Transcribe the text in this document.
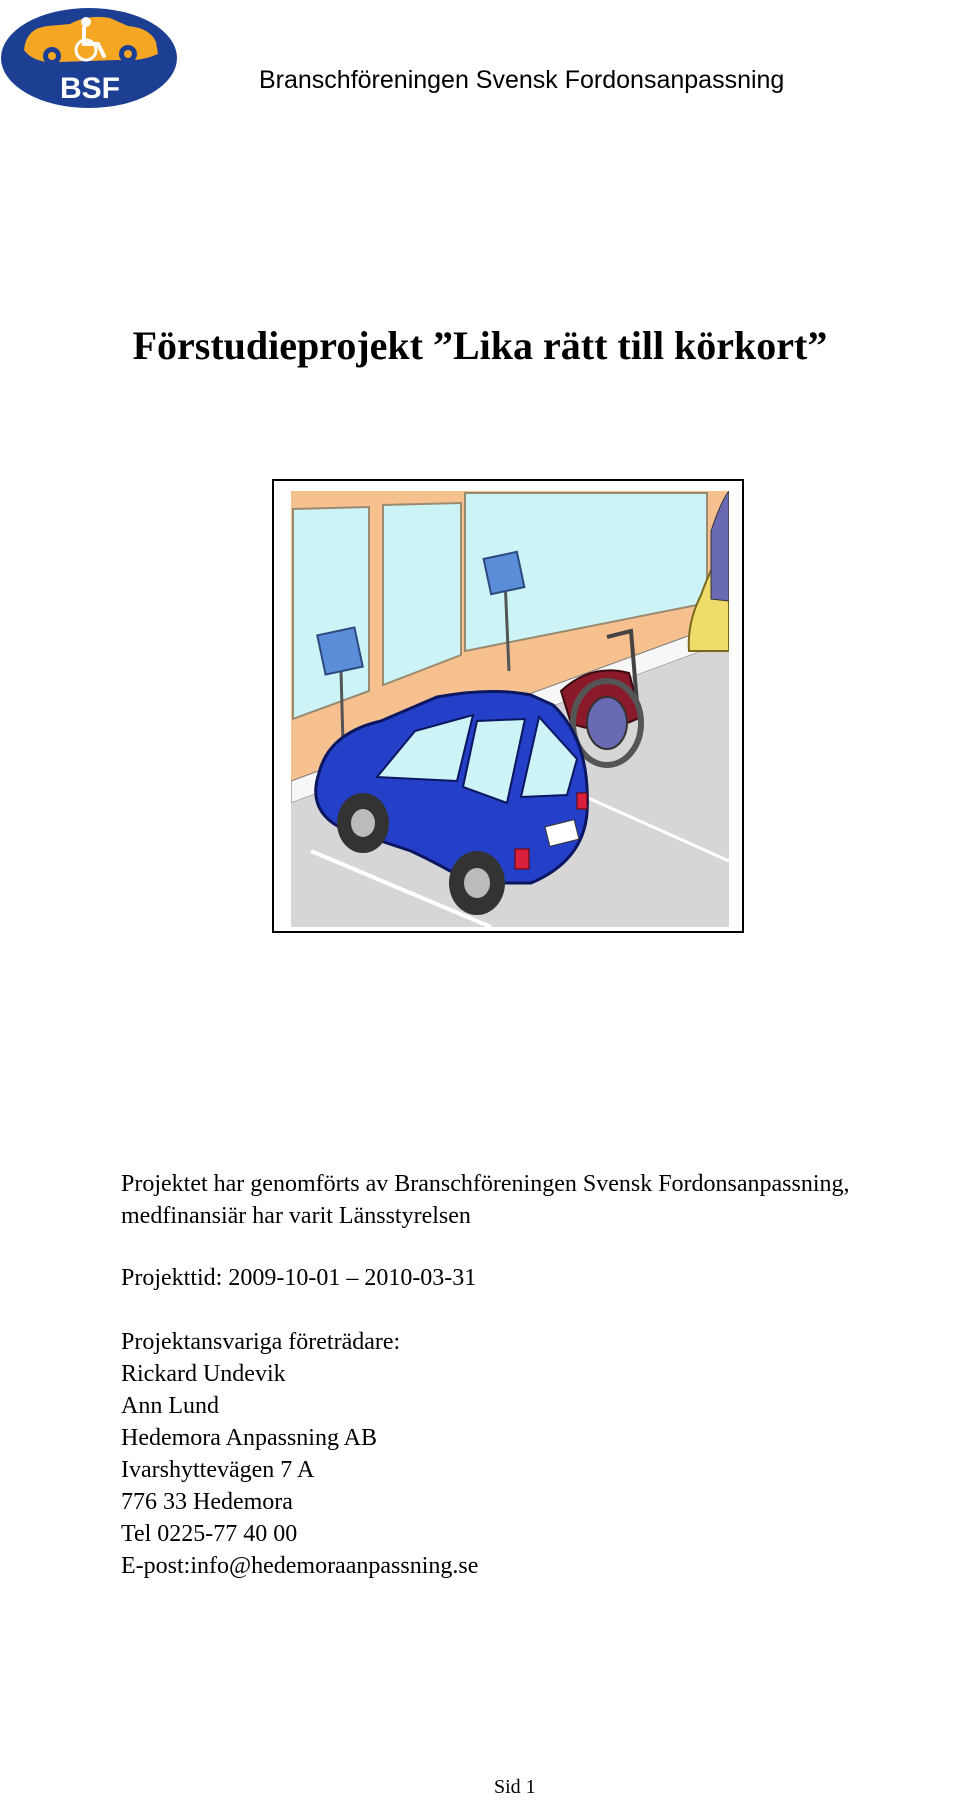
BSF	Branschföreningen Svensk Fordonsanpassning
Förstudieprojekt ”Lika rätt till körkort”
Projektet har genomförts av Branschföreningen Svensk Fordonsanpassning,
medfinansiär har varit Länsstyrelsen
Projekttid: 2009-10-01 – 2010-03-31
Projektansvariga företrädare:
Rickard Undevik
Ann Lund
Hedemora Anpassning AB
Ivarshyttevägen 7 A
776 33 Hedemora
Tel 0225-77 40 00
E-post:info@hedemoraanpassning.se
Sid 1
